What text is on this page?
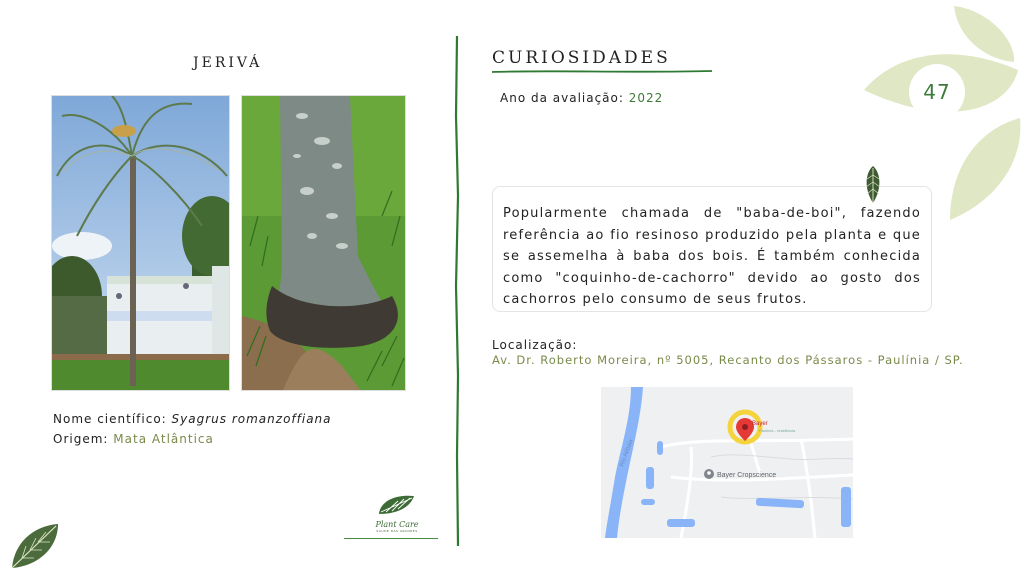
47
JERIVÁ
Nome científico: Syagrus romanzoffiana
Origem: Mata Atlântica
Plant Care
SAÚDE DAS ÁRVORES
CURIOSIDADES
Ano da avaliação: 2022

Popularmente chamada de "baba-de-boi", fazendo referência ao fio resinoso produzido pela planta e que se assemelha à baba dos bois. É também conhecida como "coquinho-de-cachorro" devido ao gosto dos cachorros pelo consumo de seus frutos.

Localização:
Av. Dr. Roberto Moreira, nº 5005, Recanto dos Pássaros - Paulínia / SP.
Bayer
Paulínia - residência
Bayer Cropscience
Rio Atibaia
